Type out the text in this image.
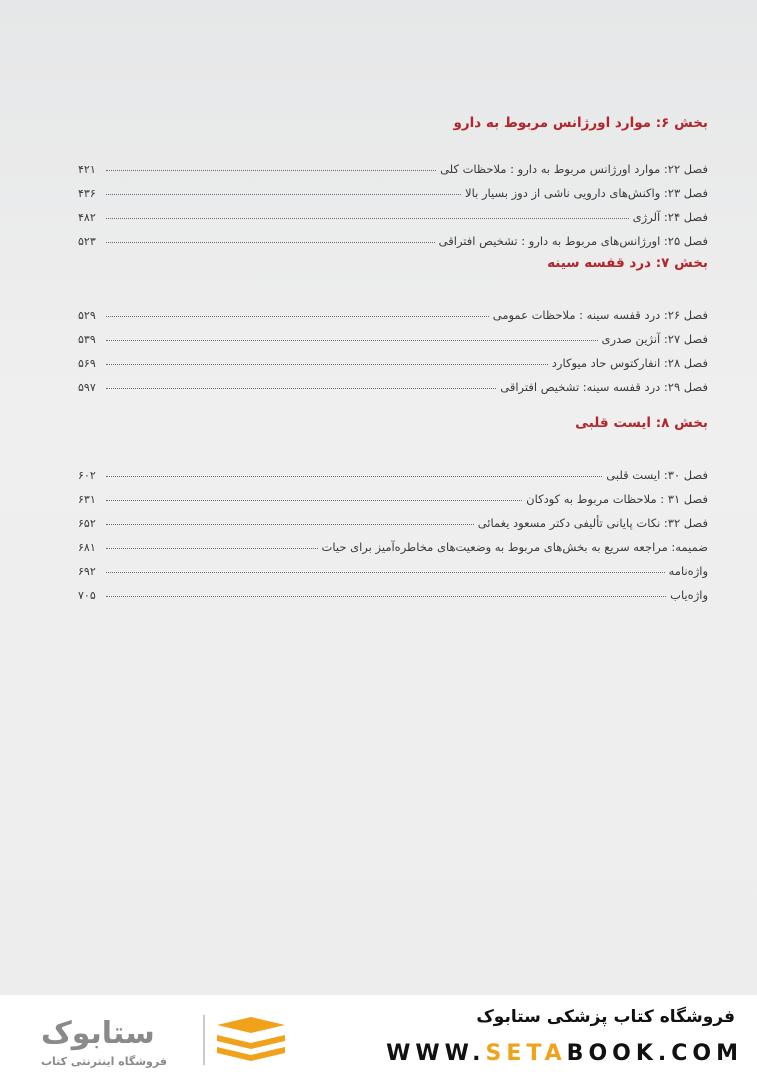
بخش ۶: موارد اورژانس مربوط به دارو
فصل ۲۲: موارد اورژانس مربوط به دارو : ملاحظات کلی
۴۲۱
فصل ۲۳: واکنش‌های دارویی ناشی از دوز بسیار بالا
۴۳۶
فصل ۲۴: آلرژی
۴۸۲
فصل ۲۵: اورژانس‌های مربوط به دارو : تشخیص افتراقی
۵۲۳
بخش ۷: درد قفسه سینه
فصل ۲۶: درد قفسه سینه : ملاحظات عمومی
۵۲۹
فصل ۲۷: آنژین صدری
۵۳۹
فصل ۲۸: انفارکتوس حاد میوکارد
۵۶۹
فصل ۲۹: درد قفسه سینه: تشخیص افتراقی
۵۹۷
بخش ۸: ایست قلبی
فصل ۳۰: ایست قلبی
۶۰۲
فصل ۳۱ : ملاحظات مربوط به کودکان
۶۳۱
فصل ۳۲: نکات پایانی تألیفی دکتر مسعود یغمائی
۶۵۲
ضمیمه: مراجعه سریع به بخش‌های مربوط به وضعیت‌های مخاطره‌آمیز برای حیات
۶۸۱
واژه‌نامه
۶۹۲
واژه‌یاب
۷۰۵
ستابوک
فروشگاه اینترنتی کتاب
فروشگاه کتاب پزشکی ستابوک
WWW.SETABOOK.COM
